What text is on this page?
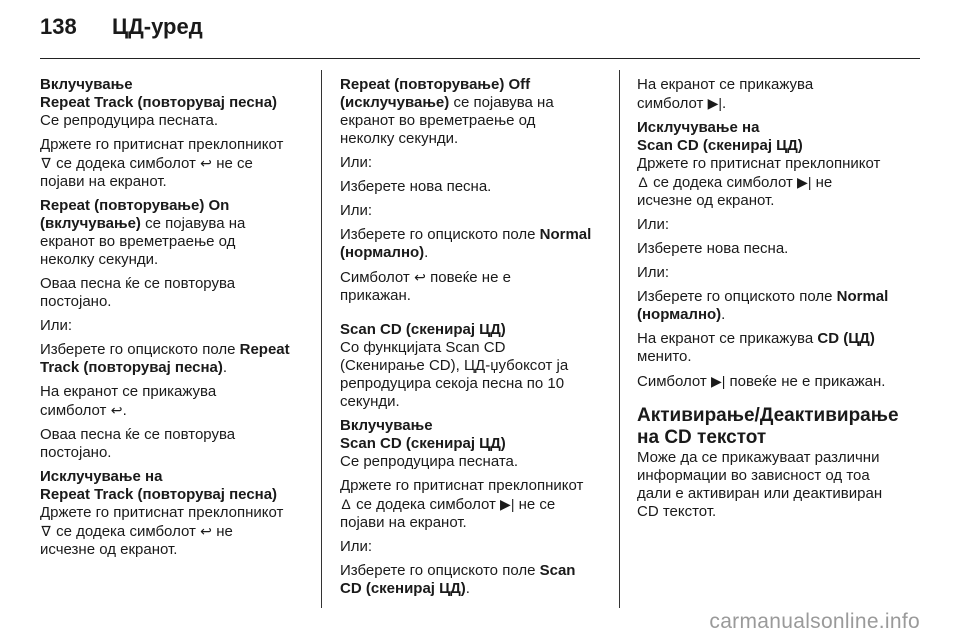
138	ЦД-уред

Вклучување
Repeat Track (повторувај песна)
Се репродуцира песната.

Држете го притиснат преклопникот
∇ се додека симболот ↩ не се
појави на екранот.

Repeat (повторување) On
(вклучување) се појавува на
екранот во времетраење од
неколку секунди.

Оваа песна ќе се повторува
постојано.

Или:

Изберете го опциското поле Repeat
Track (повторувај песна).

На екранот се прикажува
симболот ↩.

Оваа песна ќе се повторува
постојано.

Исклучување на
Repeat Track (повторувај песна)
Држете го притиснат преклопникот
∇ се додека симболот ↩ не
исчезне од екранот.

Repeat (повторување) Off
(исклучување) се појавува на
екранот во времетраење од
неколку секунди.

Или:

Изберете нова песна.

Или:

Изберете го опциското поле Normal
(нормално).

Симболот ↩ повеќе не е
прикажан.

Scan CD (скенирај ЦД)
Со функцијата Scan CD
(Скенирање CD), ЦД-џубоксот ја
репродуцира секоја песна по 10
секунди.

Вклучување
Scan CD (скенирај ЦД)
Се репродуцира песната.

Држете го притиснат преклопникот
Δ се додека симболот ▶| не се
појави на екранот.

Или:

Изберете го опциското поле Scan
CD (скенирај ЦД).

На екранот се прикажува
симболот ▶|.

Исклучување на
Scan CD (скенирај ЦД)
Држете го притиснат преклопникот
Δ се додека симболот ▶| не
исчезне од екранот.

Или:

Изберете нова песна.

Или:

Изберете го опциското поле Normal
(нормално).

На екранот се прикажува CD (ЦД)
менито.

Симболот ▶| повеќе не е прикажан.

Активирање/Деактивирање
на CD текстот

Може да се прикажуваат различни
информации во зависност од тоа
дали е активиран или деактивиран
CD текстот.

carmanualsonline.info
